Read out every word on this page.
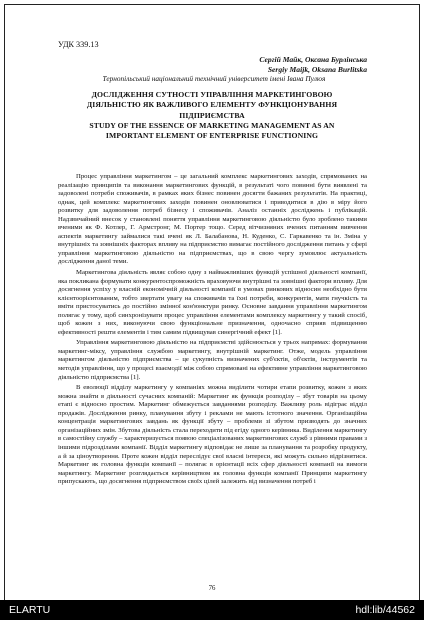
УДК 339.13
Сергій Майк, Оксана Бурлінська
Sergiy Maijk, Oksana Burlitska
Тернопільський національний технічний університет імені Івана Пулюя
ДОСЛІДЖЕННЯ СУТНОСТІ УПРАВЛІННЯ МАРКЕТИНГОВОЮ
ДІЯЛЬНІСТЮ ЯК ВАЖЛИВОГО ЕЛЕМЕНТУ ФУНКЦІОНУВАННЯ
ПІДПРИЄМСТВА
STUDY OF THE ESSENCE OF MARKETING MANAGEMENT AS AN
IMPORTANT ELEMENT OF ENTERPRISE FUNCTIONING

Процес управління маркетингом – це загальний комплекс маркетингових заходів, спрямованих на реалізацію принципів та виконання маркетингових функцій, в результаті чого повинні бути виявлені та задоволені потреби споживачів, в рамках яких бізнес повинен досягти бажаних результатів. На практиці, однак, цей комплекс маркетингових заходів повинен оновлюватися і приводитися в дію в міру його розвитку для задоволення потреб бізнесу і споживачів. Аналіз останніх досліджень і публікацій. Надзвичайний внесок у становлені поняття управління маркетинговою діяльністю було зроблено такими вченими як Ф. Котлер, Г. Армстронг, М. Портер тощо. Серед вітчизняних вчених питанням вивчення аспектів маркетингу займалися такі вчені як Л. Балабанова, Н. Куденко, С. Гаркавенко та ін. Зміна у внутрішніх та зовнішніх факторах впливу на підприємство вимагає постійного дослідження питань у сфері управління маркетинговою діяльністю на підприємствах, що в свою чергу зумовлює актуальність дослідження даної теми.

Маркетингова діяльність являє собою одну з найважливіших функцій успішної діяльності компанії, яка покликана формувати конкурентоспроможність враховуючи внутрішні та зовнішні фактори впливу. Для досягнення успіху у власній економічній діяльності компанії в умовах ринкових відносин необхідно бути клієнтоорієнтованим, тобто звертати увагу на споживачів та їхні потреби, конкурентів, мати гнучкість та вміти пристосуватись до постійно змінної кон'юнктури ринку. Основне завдання управління маркетингом полягає у тому, щоб синхронізувати процес управління елементами комплексу маркетингу у такий спосіб, щоб кожен з них, виконуючи свою функціональне призначення, одночасно сприяв підвищенню ефективності решти елементів і тим самим підвищував синергічний ефект [1].

Управління маркетинговою діяльністю на підприємстві здійснюється у трьох напрямах: формування маркетинг-міксу, управління службою маркетингу, внутрішній маркетинг. Отже, модель управління маркетингом діяльністю підприємства – це сукупність визначених суб'єктів, об'єктів, інструментів та методів управління, що у процесі взаємодії між собою спрямовані на ефективне управління маркетинговою діяльністю підприємства [1].

В еволюції відділу маркетингу у компаніях можна виділити чотири етапи розвитку, кожен з яких можна знайти в діяльності сучасних компаній: Маркетинг як функція розподілу – збут товарів на цьому етапі є відносно простим. Маркетинг обмежується завданнями розподілу. Важливу роль відіграє відділ продажів. Дослідження ринку, планування збуту і реклами не мають істотного значення. Організаційна концентрація маркетингових завдань як функції збуту – проблеми зі збутом призводять до значних організаційних змін. Збутова діяльність стала переходити під егіду одного керівника. Виділення маркетингу в самостійну службу – характеризується появою спеціалізованих маркетингових служб з рівними правами з іншими підрозділами компанії. Відділ маркетингу відповідає не лише за планування та розробку продукту, а й за ціноутворення. Проте кожен відділ переслідує свої власні інтереси, які можуть сильно відрізнятися. Маркетинг як головна функція компанії – полягає в орієнтації всіх сфер діяльності компанії на вимоги маркетингу. Маркетинг розглядається керівництвом як головна функція компанії Принципи маркетингу припускають, що досягнення підприємством своїх цілей залежить від визначення потреб і

76
ELARTU	hdl:lib/44562
